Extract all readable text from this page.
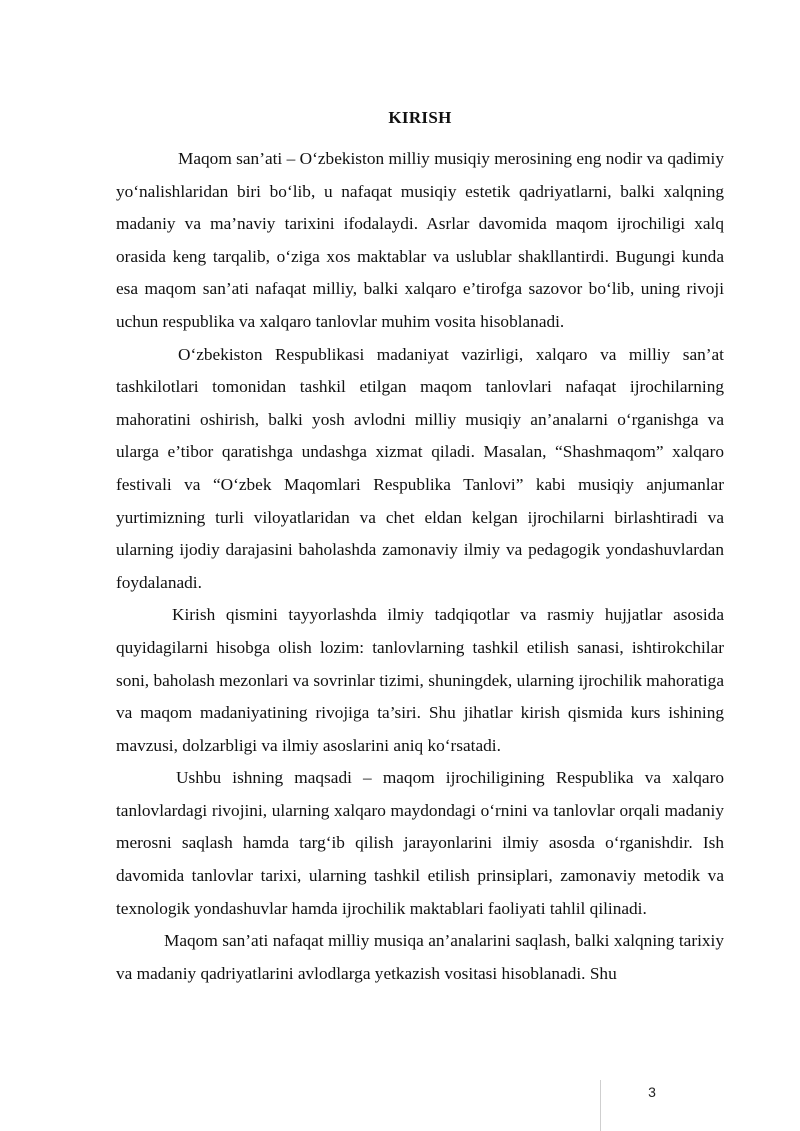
KIRISH

Maqom san’ati – O‘zbekiston milliy musiqiy merosining eng nodir va qadimiy yo‘nalishlaridan biri bo‘lib, u nafaqat musiqiy estetik qadriyatlarni, balki xalqning madaniy va ma’naviy tarixini ifodalaydi. Asrlar davomida maqom ijrochiligi xalq orasida keng tarqalib, o‘ziga xos maktablar va uslublar shakllantirdi. Bugungi kunda esa maqom san’ati nafaqat milliy, balki xalqaro e’tirofga sazovor bo‘lib, uning rivoji uchun respublika va xalqaro tanlovlar muhim vosita hisoblanadi.

O‘zbekiston Respublikasi madaniyat vazirligi, xalqaro va milliy san’at tashkilotlari tomonidan tashkil etilgan maqom tanlovlari nafaqat ijrochilarning mahoratini oshirish, balki yosh avlodni milliy musiqiy an’analarni o‘rganishga va ularga e’tibor qaratishga undashga xizmat qiladi. Masalan, “Shashmaqom” xalqaro festivali va “O‘zbek Maqomlari Respublika Tanlovi” kabi musiqiy anjumanlar yurtimizning turli viloyatlaridan va chet eldan kelgan ijrochilarni birlashtiradi va ularning ijodiy darajasini baholashda zamonaviy ilmiy va pedagogik yondashuvlardan foydalanadi.

Kirish qismini tayyorlashda ilmiy tadqiqotlar va rasmiy hujjatlar asosida quyidagilarni hisobga olish lozim: tanlovlarning tashkil etilish sanasi, ishtirokchilar soni, baholash mezonlari va sovrinlar tizimi, shuningdek, ularning ijrochilik mahoratiga va maqom madaniyatining rivojiga ta’siri. Shu jihatlar kirish qismida kurs ishining mavzusi, dolzarbligi va ilmiy asoslarini aniq ko‘rsatadi.

Ushbu ishning maqsadi – maqom ijrochiligining Respublika va xalqaro tanlovlardagi rivojini, ularning xalqaro maydondagi o‘rnini va tanlovlar orqali madaniy merosni saqlash hamda targ‘ib qilish jarayonlarini ilmiy asosda o‘rganishdir. Ish davomida tanlovlar tarixi, ularning tashkil etilish prinsiplari, zamonaviy metodik va texnologik yondashuvlar hamda ijrochilik maktablari faoliyati tahlil qilinadi.

Maqom san’ati nafaqat milliy musiqa an’analarini saqlash, balki xalqning tarixiy va madaniy qadriyatlarini avlodlarga yetkazish vositasi hisoblanadi. Shu

3
